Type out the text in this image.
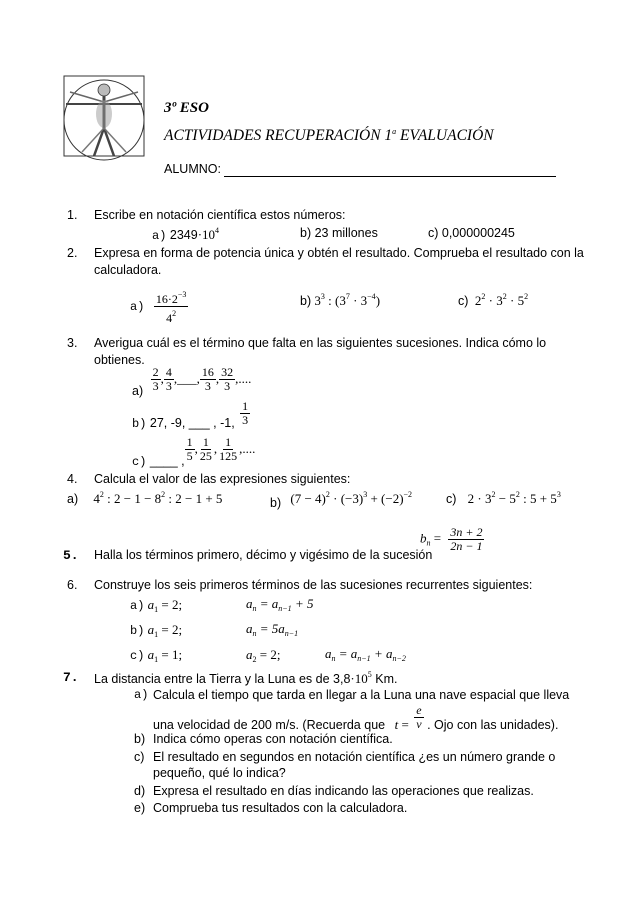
3º ESO
ACTIVIDADES RECUPERACIÓN 1$^a$ EVALUACIÓN
ALUMNO:
1. Escribe en notación científica estos números:
a) $2349\cdot 10^4$	b) 23 millones	c) 0,000000245
2. Expresa en forma de potencia única y obtén el resultado. Comprueba el resultado con la
calculadora.
$a) \frac{16\cdot 2^{-3}}{4^2}$	b) $3^3$ : $(3^7 \cdot 3^{-4})$	c) $2^2 \cdot 3^2 \cdot 5^2$
3. Averigua cuál es el término que falta en las siguientes sucesiones. Indica cómo lo
obtienes.
$a) \frac{2}{3}$ , $\frac{4}{3}$ ,___, $\frac{16}{3}$ , $\frac{32}{3}$ ,....
b) 27, -9, ___ , -1, $\frac{1}{3}$
c) ____ , $\frac{1}{5}$ , $\frac{1}{25}$ , $\frac{1}{125}$ ,....
4. Calcula el valor de las expresiones siguientes:
a) $4^2$ : $2 - 1 - 8^2$ : 2 − 1 + 5	b) $(7 - 4)^2 \cdot (-3)^3 + (-2)^{-2}$	c) $2 \cdot 3^2 - 5^2$ : $5 + 5^3$
5. Halla los términos primero, décimo y vigésimo de la sucesión
$b_n = \frac{3n + 2}{2n - 1}$
6. Construye los seis primeros términos de las sucesiones recurrentes siguientes:
a) $a_1 = 2$;	$a_n = a_{n-1} + 5$
b) $a_1 = 2$;	$a_n = 5a_{n-1}$
c) $a_1 = 1$;	$a_2 = 2$;	$a_n = a_{n-1} + a_{n-2}$
7. La distancia entre la Tierra y la Luna es de $3,8\cdot 10^5$ Km.
a) Calcula el tiempo que tarda en llegar a la Luna una nave espacial que lleva
una velocidad de 200 m/s. (Recuerda que $t = \frac{e}{v}$ . Ojo con las unidades).
b) Indica cómo operas con notación científica.
c) El resultado en segundos en notación científica ¿es un número grande o
pequeño, qué lo indica?
d) Expresa el resultado en días indicando las operaciones que realizas.
e) Comprueba tus resultados con la calculadora.
